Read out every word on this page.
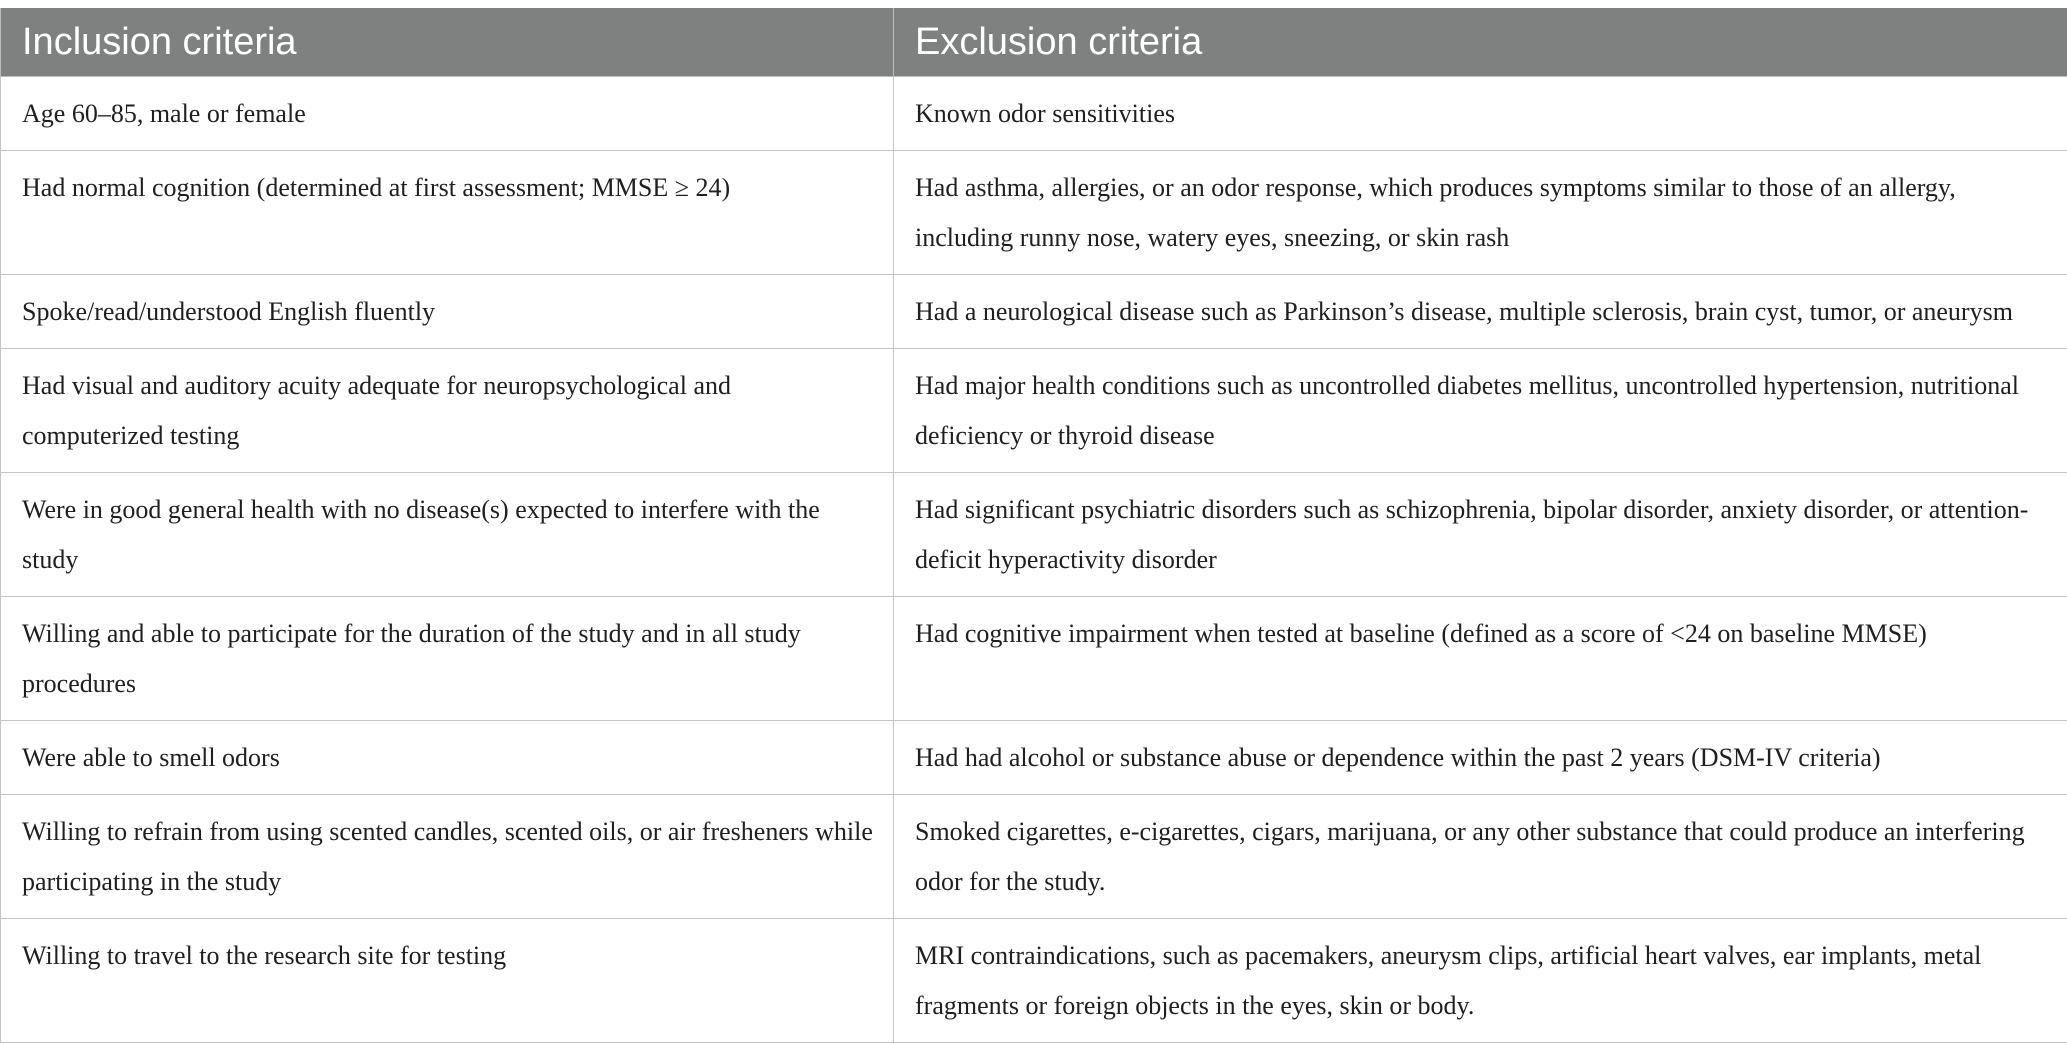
Inclusion criteria	Exclusion criteria
Age 60–85, male or female	Known odor sensitivities
Had normal cognition (determined at first assessment; MMSE ≥ 24)	Had asthma, allergies, or an odor response, which produces symptoms similar to those of an allergy, including runny nose, watery eyes, sneezing, or skin rash
Spoke/read/understood English fluently	Had a neurological disease such as Parkinson’s disease, multiple sclerosis, brain cyst, tumor, or aneurysm
Had visual and auditory acuity adequate for neuropsychological and computerized testing	Had major health conditions such as uncontrolled diabetes mellitus, uncontrolled hypertension, nutritional deficiency or thyroid disease
Were in good general health with no disease(s) expected to interfere with the study	Had significant psychiatric disorders such as schizophrenia, bipolar disorder, anxiety disorder, or attention-deficit hyperactivity disorder
Willing and able to participate for the duration of the study and in all study procedures	Had cognitive impairment when tested at baseline (defined as a score of <24 on baseline MMSE)
Were able to smell odors	Had had alcohol or substance abuse or dependence within the past 2 years (DSM-IV criteria)
Willing to refrain from using scented candles, scented oils, or air fresheners while participating in the study	Smoked cigarettes, e-cigarettes, cigars, marijuana, or any other substance that could produce an interfering odor for the study.
Willing to travel to the research site for testing	MRI contraindications, such as pacemakers, aneurysm clips, artificial heart valves, ear implants, metal fragments or foreign objects in the eyes, skin or body.
